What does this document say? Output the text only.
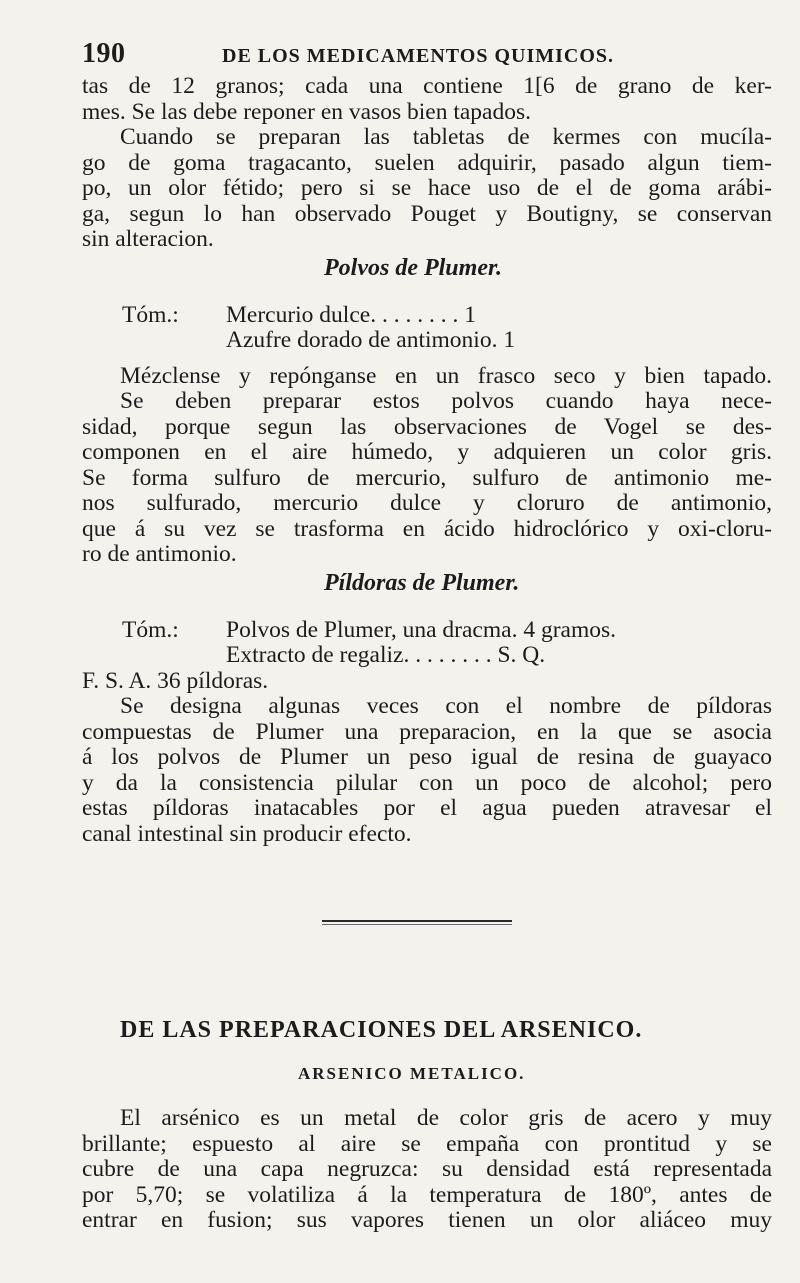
190	DE LOS MEDICAMENTOS QUIMICOS.

tas de 12 granos; cada una contiene 1[6 de grano de ker-
mes. Se las debe reponer en vasos bien tapados.

Cuando se preparan las tabletas de kermes con mucíla-
go de goma tragacanto, suelen adquirir, pasado algun tiem-
po, un olor fétido; pero si se hace uso de el de goma arábi-
ga, segun lo han observado Pouget y Boutigny, se conservan
sin alteracion.

Polvos de Plumer.
Tóm.: Mercurio dulce. . . . . . . . 1
Azufre dorado de antimonio. 1

Mézclense y repónganse en un frasco seco y bien tapado.
Se deben preparar estos polvos cuando haya nece-
sidad, porque segun las observaciones de Vogel se des-
componen en el aire húmedo, y adquieren un color gris.
Se forma sulfuro de mercurio, sulfuro de antimonio me-
nos sulfurado, mercurio dulce y cloruro de antimonio,
que á su vez se trasforma en ácido hidroclórico y oxi-cloru-
ro de antimonio.

Píldoras de Plumer.
Tóm.: Polvos de Plumer, una dracma. 4 gramos.
Extracto de regaliz. . . . . . . . S. Q.
F. S. A. 36 píldoras.

Se designa algunas veces con el nombre de píldoras
compuestas de Plumer una preparacion, en la que se asocia
á los polvos de Plumer un peso igual de resina de guayaco
y da la consistencia pilular con un poco de alcohol; pero
estas píldoras inatacables por el agua pueden atravesar el
canal intestinal sin producir efecto.

DE LAS PREPARACIONES DEL ARSENICO.
ARSENICO METALICO.

El arsénico es un metal de color gris de acero y muy
brillante; espuesto al aire se empaña con prontitud y se
cubre de una capa negruzca: su densidad está representada
por 5,70; se volatiliza á la temperatura de 180º, antes de
entrar en fusion; sus vapores tienen un olor aliáceo muy
